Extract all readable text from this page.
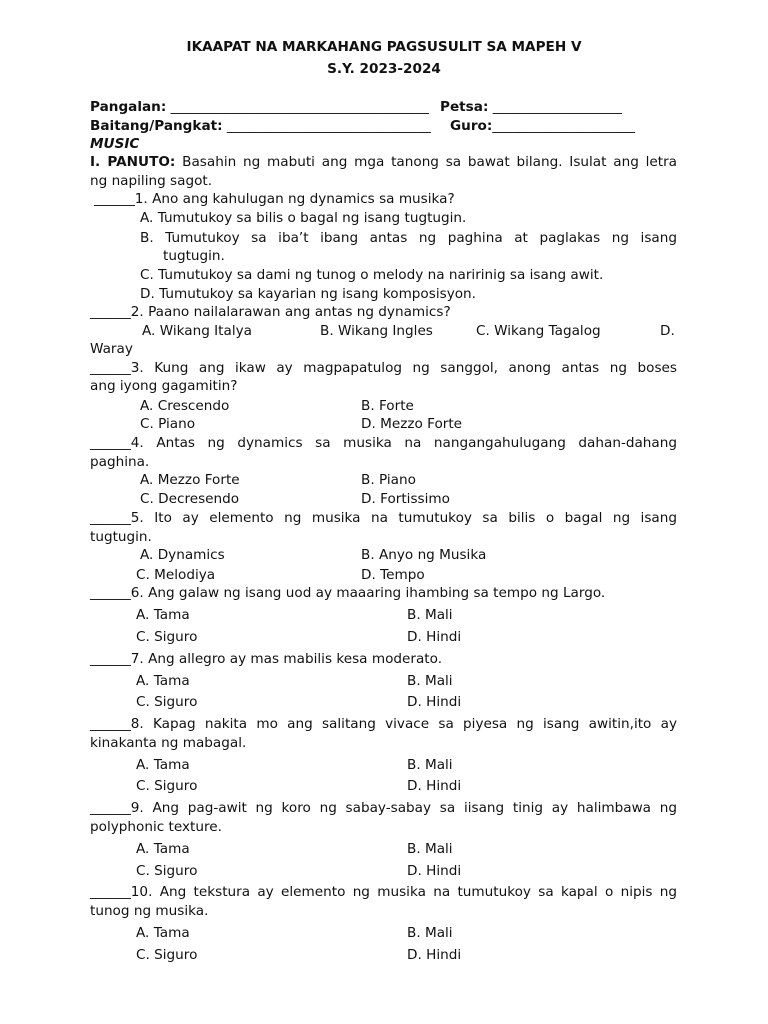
IKAAPAT NA MARKAHANG PAGSUSULIT SA MAPEH V
S.Y. 2023-2024
Pangalan: ______________________________________ Petsa: ___________________
Baitang/Pangkat: ______________________________ Guro:_____________________
MUSIC
I. PANUTO: Basahin ng mabuti ang mga tanong sa bawat bilang. Isulat ang letra
ng napiling sagot.
______1. Ano ang kahulugan ng dynamics sa musika?
A. Tumutukoy sa bilis o bagal ng isang tugtugin.
B. Tumutukoy sa iba’t ibang antas ng paghina at paglakas ng isang
tugtugin.
C. Tumutukoy sa dami ng tunog o melody na naririnig sa isang awit.
D. Tumutukoy sa kayarian ng isang komposisyon.
______2. Paano nailalarawan ang antas ng dynamics?
A. Wikang Italya	B. Wikang Ingles	C. Wikang Tagalog	D.
Waray
______3. Kung ang ikaw ay magpapatulog ng sanggol, anong antas ng boses
ang iyong gagamitin?
A. Crescendo	B. Forte
C. Piano	D. Mezzo Forte
______4. Antas ng dynamics sa musika na nangangahulugang dahan-dahang
paghina.
A. Mezzo Forte	B. Piano
C. Decresendo	D. Fortissimo
______5. Ito ay elemento ng musika na tumutukoy sa bilis o bagal ng isang
tugtugin.
A. Dynamics	B. Anyo ng Musika
C. Melodiya	D. Tempo
______6. Ang galaw ng isang uod ay maaaring ihambing sa tempo ng Largo.
A. Tama	B. Mali
C. Siguro	D. Hindi
______7. Ang allegro ay mas mabilis kesa moderato.
A. Tama	B. Mali
C. Siguro	D. Hindi
______8. Kapag nakita mo ang salitang vivace sa piyesa ng isang awitin,ito ay
kinakanta ng mabagal.
A. Tama	B. Mali
C. Siguro	D. Hindi
______9. Ang pag-awit ng koro ng sabay-sabay sa iisang tinig ay halimbawa ng
polyphonic texture.
A. Tama	B. Mali
C. Siguro	D. Hindi
______10. Ang tekstura ay elemento ng musika na tumutukoy sa kapal o nipis ng
tunog ng musika.
A. Tama	B. Mali
C. Siguro	D. Hindi
